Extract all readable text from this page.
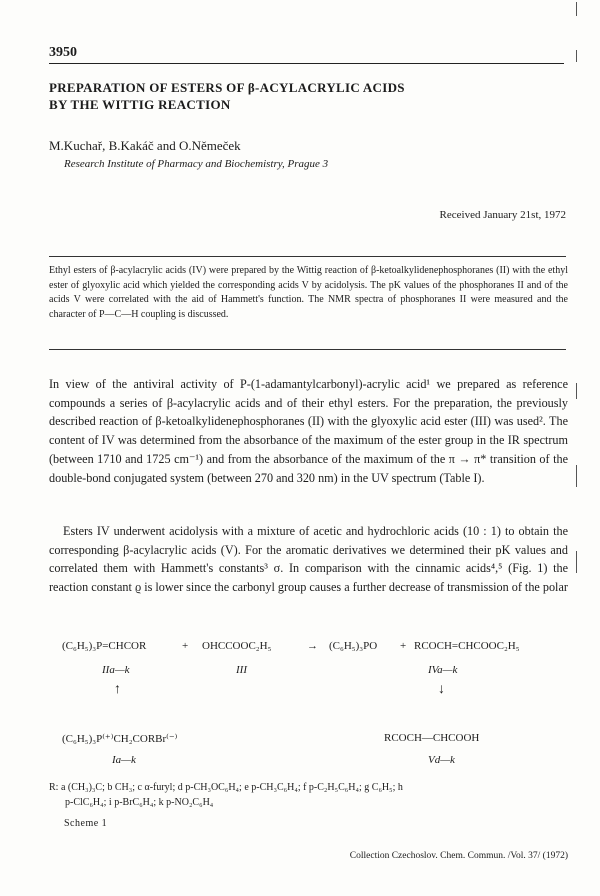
3950
PREPARATION OF ESTERS OF β-ACYLACRYLIC ACIDS
BY THE WITTIG REACTION
M.Kuchař, B.Kakáč and O.Němeček
Research Institute of Pharmacy and Biochemistry, Prague 3
Received January 21st, 1972
Ethyl esters of β-acylacrylic acids (IV) were prepared by the Wittig reaction of β-ketoalkylidenephosphoranes (II) with the ethyl ester of glyoxylic acid which yielded the corresponding acids V by acidolysis. The pK values of the phosphoranes II and of the acids V were correlated with the aid of Hammett's function. The NMR spectra of phosphoranes II were measured and the character of P—C—H coupling is discussed.
In view of the antiviral activity of P-(1-adamantylcarbonyl)-acrylic acid¹ we prepared as reference compounds a series of β-acylacrylic acids and of their ethyl esters. For the preparation, the previously described reaction of β-ketoalkylidenephosphoranes (II) with the glyoxylic acid ester (III) was used². The content of IV was determined from the absorbance of the maximum of the ester group in the IR spectrum (between 1710 and 1725 cm⁻¹) and from the absorbance of the maximum of the π → π* transition of the double-bond conjugated system (between 270 and 320 nm) in the UV spectrum (Table I).
Esters IV underwent acidolysis with a mixture of acetic and hydrochloric acids (10 : 1) to obtain the corresponding β-acylacrylic acids (V). For the aromatic derivatives we determined their pK values and correlated them with Hammett's constants³ σ. In comparison with the cinnamic acids⁴,⁵ (Fig. 1) the reaction constant ϱ is lower since the carbonyl group causes a further decrease of transmission of the polar
(C₆H₅)₃P=CHCOR	+ OHCCOOC₂H₅	→ (C₆H₅)₃PO + RCOCH=CHCOOC₂H₅
IIa—k	III	IVa—k
↑	↓
(C₆H₅)₃P⁽⁺⁾CH₂CORBr⁽⁻⁾	RCOCH—CHCOOH
Ia—k	Vd—k
R: a (CH₃)₃C; b CH₃; c α-furyl; d p-CH₃OC₆H₄; e p-CH₃C₆H₄; f p-C₂H₅C₆H₄; g C₆H₅; h
p-ClC₆H₄; i p-BrC₆H₄; k p-NO₂C₆H₄
Scheme 1
Collection Czechoslov. Chem. Commun. /Vol. 37/ (1972)
